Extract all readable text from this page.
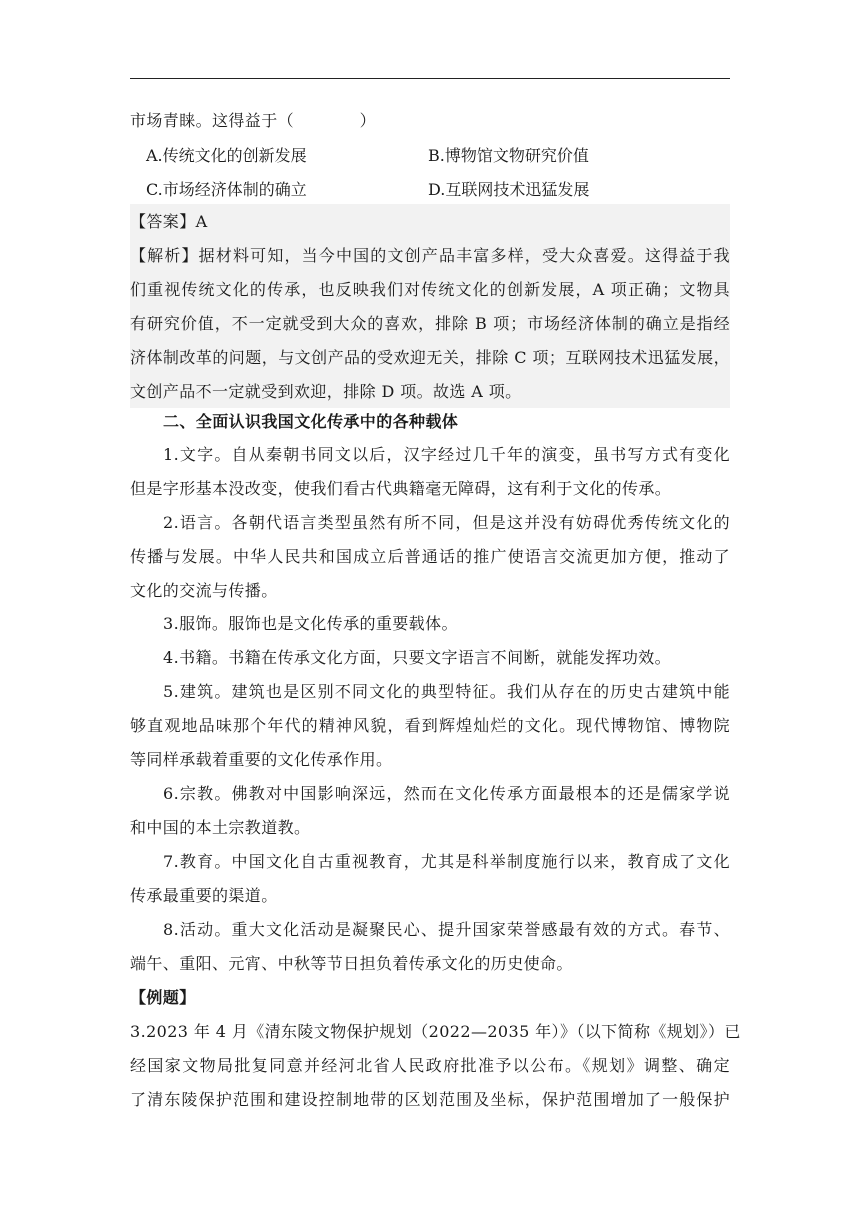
市场青睐。这得益于（　　　　）
A.传统文化的创新发展	B.博物馆文物研究价值
C.市场经济体制的确立	D.互联网技术迅猛发展
【答案】A
【解析】据材料可知，当今中国的文创产品丰富多样，受大众喜爱。这得益于我
们重视传统文化的传承，也反映我们对传统文化的创新发展，A 项正确；文物具
有研究价值，不一定就受到大众的喜欢，排除 B 项；市场经济体制的确立是指经
济体制改革的问题，与文创产品的受欢迎无关，排除 C 项；互联网技术迅猛发展，
文创产品不一定就受到欢迎，排除 D 项。故选 A 项。
二、全面认识我国文化传承中的各种载体
1.文字。自从秦朝书同文以后，汉字经过几千年的演变，虽书写方式有变化
但是字形基本没改变，使我们看古代典籍毫无障碍，这有利于文化的传承。
2.语言。各朝代语言类型虽然有所不同，但是这并没有妨碍优秀传统文化的
传播与发展。中华人民共和国成立后普通话的推广使语言交流更加方便，推动了
文化的交流与传播。
3.服饰。服饰也是文化传承的重要载体。
4.书籍。书籍在传承文化方面，只要文字语言不间断，就能发挥功效。
5.建筑。建筑也是区别不同文化的典型特征。我们从存在的历史古建筑中能
够直观地品味那个年代的精神风貌，看到辉煌灿烂的文化。现代博物馆、博物院
等同样承载着重要的文化传承作用。
6.宗教。佛教对中国影响深远，然而在文化传承方面最根本的还是儒家学说
和中国的本土宗教道教。
7.教育。中国文化自古重视教育，尤其是科举制度施行以来，教育成了文化
传承最重要的渠道。
8.活动。重大文化活动是凝聚民心、提升国家荣誉感最有效的方式。春节、
端午、重阳、元宵、中秋等节日担负着传承文化的历史使命。
【例题】
3.2023 年 4 月《清东陵文物保护规划（2022—2035 年）》（以下简称《规划》）已
经国家文物局批复同意并经河北省人民政府批准予以公布。《规划》调整、确定
了清东陵保护范围和建设控制地带的区划范围及坐标，保护范围增加了一般保护
